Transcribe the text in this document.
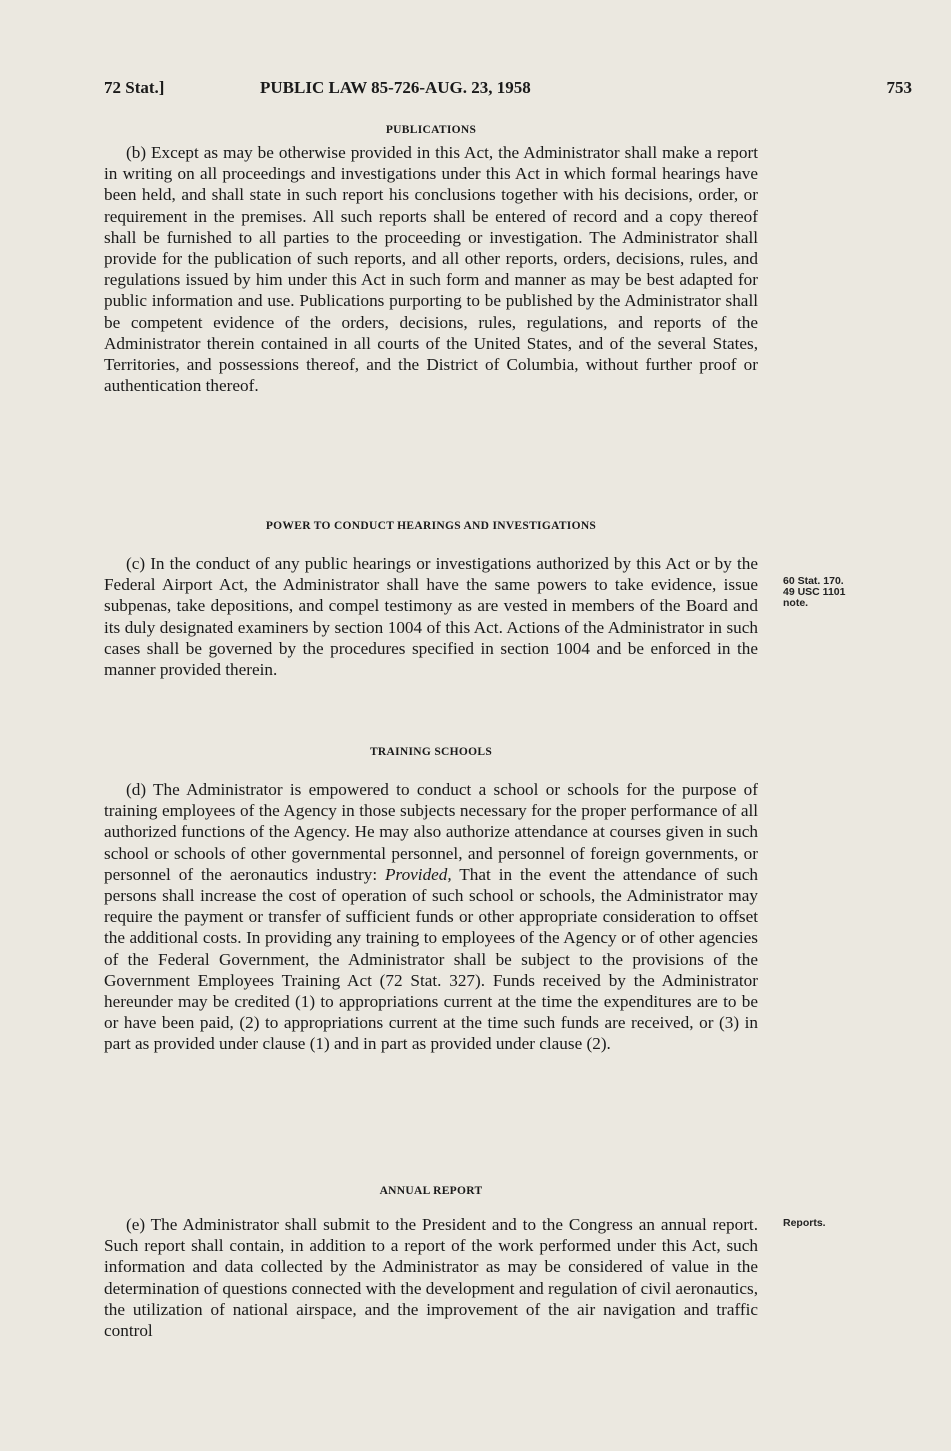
72 Stat.]	PUBLIC LAW 85-726-AUG. 23, 1958	753
PUBLICATIONS

(b) Except as may be otherwise provided in this Act, the Administrator shall make a report in writing on all proceedings and investigations under this Act in which formal hearings have been held, and shall state in such report his conclusions together with his decisions, order, or requirement in the premises. All such reports shall be entered of record and a copy thereof shall be furnished to all parties to the proceeding or investigation. The Administrator shall provide for the publication of such reports, and all other reports, orders, decisions, rules, and regulations issued by him under this Act in such form and manner as may be best adapted for public information and use. Publications purporting to be published by the Administrator shall be competent evidence of the orders, decisions, rules, regulations, and reports of the Administrator therein contained in all courts of the United States, and of the several States, Territories, and possessions thereof, and the District of Columbia, without further proof or authentication thereof.

POWER TO CONDUCT HEARINGS AND INVESTIGATIONS

(c) In the conduct of any public hearings or investigations authorized by this Act or by the Federal Airport Act, the Administrator shall have the same powers to take evidence, issue subpenas, take depositions, and compel testimony as are vested in members of the Board and its duly designated examiners by section 1004 of this Act. Actions of the Administrator in such cases shall be governed by the procedures specified in section 1004 and be enforced in the manner provided therein.

60 Stat. 170.
49 USC 1101
note.
TRAINING SCHOOLS

(d) The Administrator is empowered to conduct a school or schools for the purpose of training employees of the Agency in those subjects necessary for the proper performance of all authorized functions of the Agency. He may also authorize attendance at courses given in such school or schools of other governmental personnel, and personnel of foreign governments, or personnel of the aeronautics industry: Provided, That in the event the attendance of such persons shall increase the cost of operation of such school or schools, the Administrator may require the payment or transfer of sufficient funds or other appropriate consideration to offset the additional costs. In providing any training to employees of the Agency or of other agencies of the Federal Government, the Administrator shall be subject to the provisions of the Government Employees Training Act (72 Stat. 327). Funds received by the Administrator hereunder may be credited (1) to appropriations current at the time the expenditures are to be or have been paid, (2) to appropriations current at the time such funds are received, or (3) in part as provided under clause (1) and in part as provided under clause (2).

ANNUAL REPORT

(e) The Administrator shall submit to the President and to the Congress an annual report. Such report shall contain, in addition to a report of the work performed under this Act, such information and data collected by the Administrator as may be considered of value in the determination of questions connected with the development and regulation of civil aeronautics, the utilization of national airspace, and the improvement of the air navigation and traffic control

Reports.
